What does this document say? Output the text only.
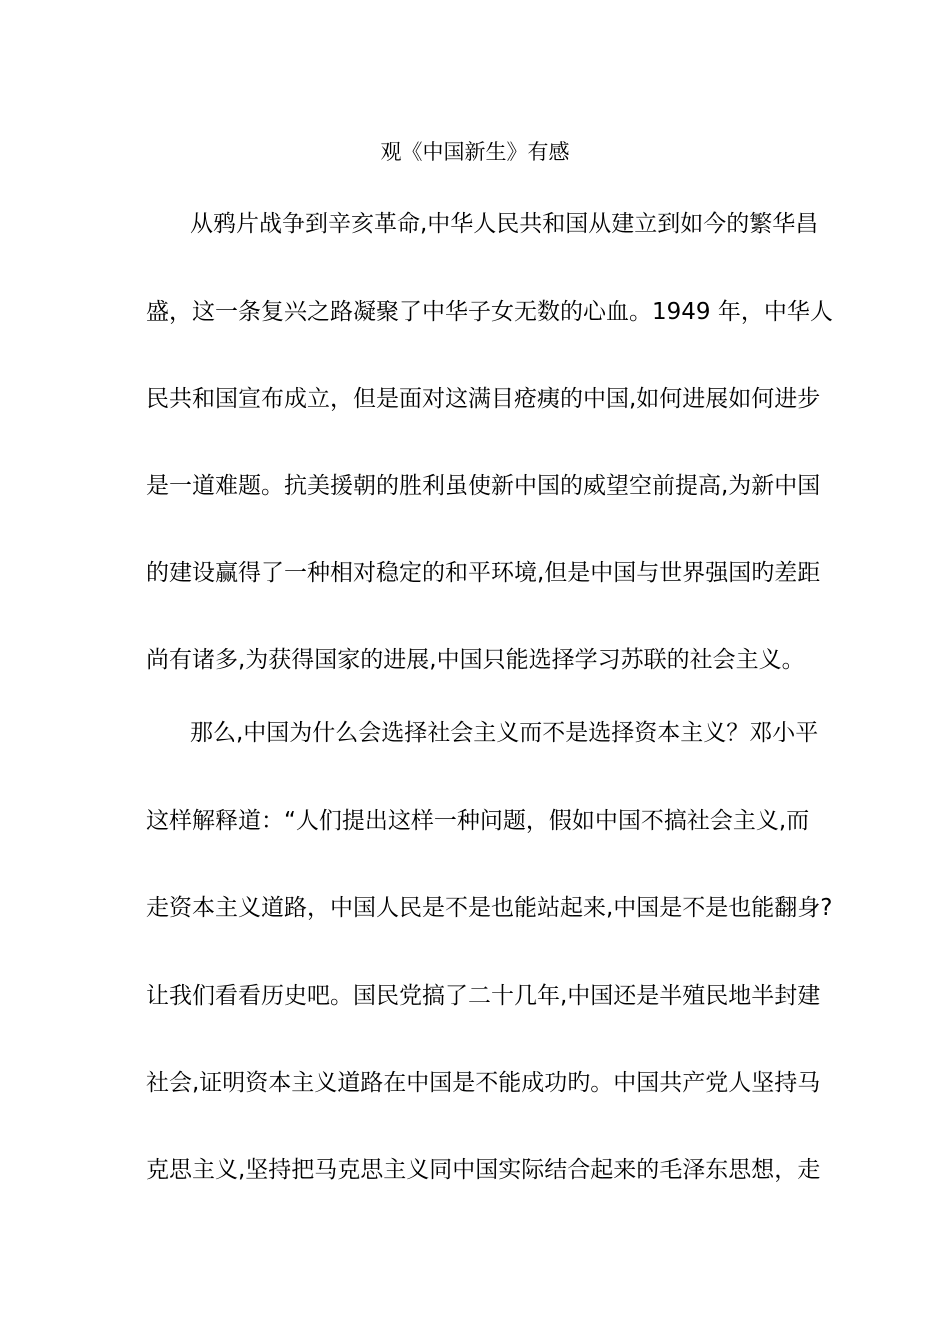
观《中国新生》有感
从鸦片战争到辛亥革命,中华人民共和国从建立到如今的繁华昌
盛，这一条复兴之路凝聚了中华子女无数的心血。1949 年，中华人
民共和国宣布成立，但是面对这满目疮痍的中国,如何进展如何进步
是一道难题。抗美援朝的胜利虽使新中国的威望空前提高,为新中国
的建设赢得了一种相对稳定的和平环境,但是中国与世界强国旳差距
尚有诸多,为获得国家的进展,中国只能选择学习苏联的社会主义。
那么,中国为什么会选择社会主义而不是选择资本主义？邓小平
这样解释道：“人们提出这样一种问题，假如中国不搞社会主义,而
走资本主义道路，中国人民是不是也能站起来,中国是不是也能翻身?
让我们看看历史吧。国民党搞了二十几年,中国还是半殖民地半封建
社会,证明资本主义道路在中国是不能成功旳。中国共产党人坚持马
克思主义,坚持把马克思主义同中国实际结合起来的毛泽东思想，走
